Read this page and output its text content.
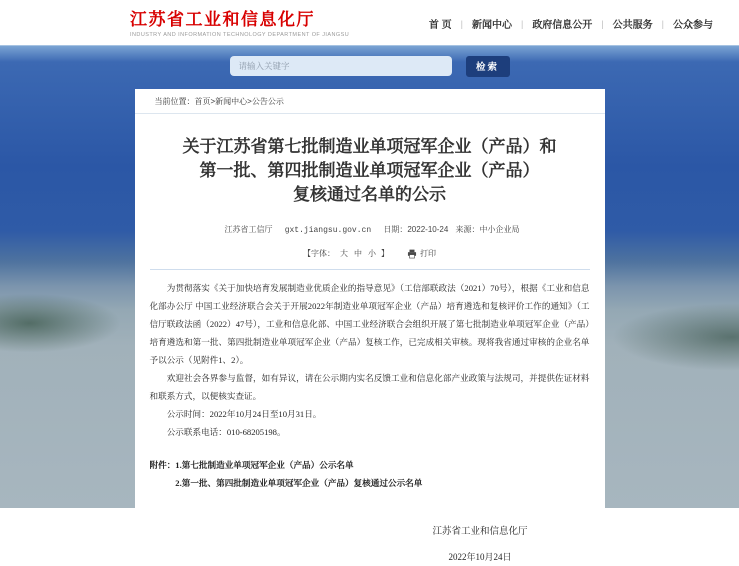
江苏省工业和信息化厅
INDUSTRY AND INFORMATION TECHNOLOGY DEPARTMENT OF JIANGSU
首 页 | 新闻中心 | 政府信息公开 | 公共服务 | 公众参与
请输入关键字
检索
当前位置：首页>新闻中心>公告公示
关于江苏省第七批制造业单项冠军企业（产品）和
第一批、第四批制造业单项冠军企业（产品）
复核通过名单的公示
江苏省工信厅 gxt.jiangsu.gov.cn 日期：2022-10-24 来源：中小企业局
【字体： 大 中 小 】	打印

为贯彻落实《关于加快培育发展制造业优质企业的指导意见》（工信部联政法（2021）70号），根据《工业和信息化部办公厅 中国工业经济联合会关于开展2022年制造业单项冠军企业（产品）培育遴选和复核评价工作的通知》（工信厅联政法函（2022）47号），工业和信息化部、中国工业经济联合会组织开展了第七批制造业单项冠军企业（产品）培育遴选和第一批、第四批制造业单项冠军企业（产品）复核工作，已完成相关审核。现将我省通过审核的企业名单予以公示（见附件1、2）。

欢迎社会各界参与监督，如有异议，请在公示期内实名反馈工业和信息化部产业政策与法规司，并提供佐证材料和联系方式，以便核实查证。

公示时间：2022年10月24日至10月31日。

公示联系电话：010-68205198。

附件：1.第七批制造业单项冠军企业（产品）公示名单
2.第一批、第四批制造业单项冠军企业（产品）复核通过公示名单
江苏省工业和信息化厅
2022年10月24日
